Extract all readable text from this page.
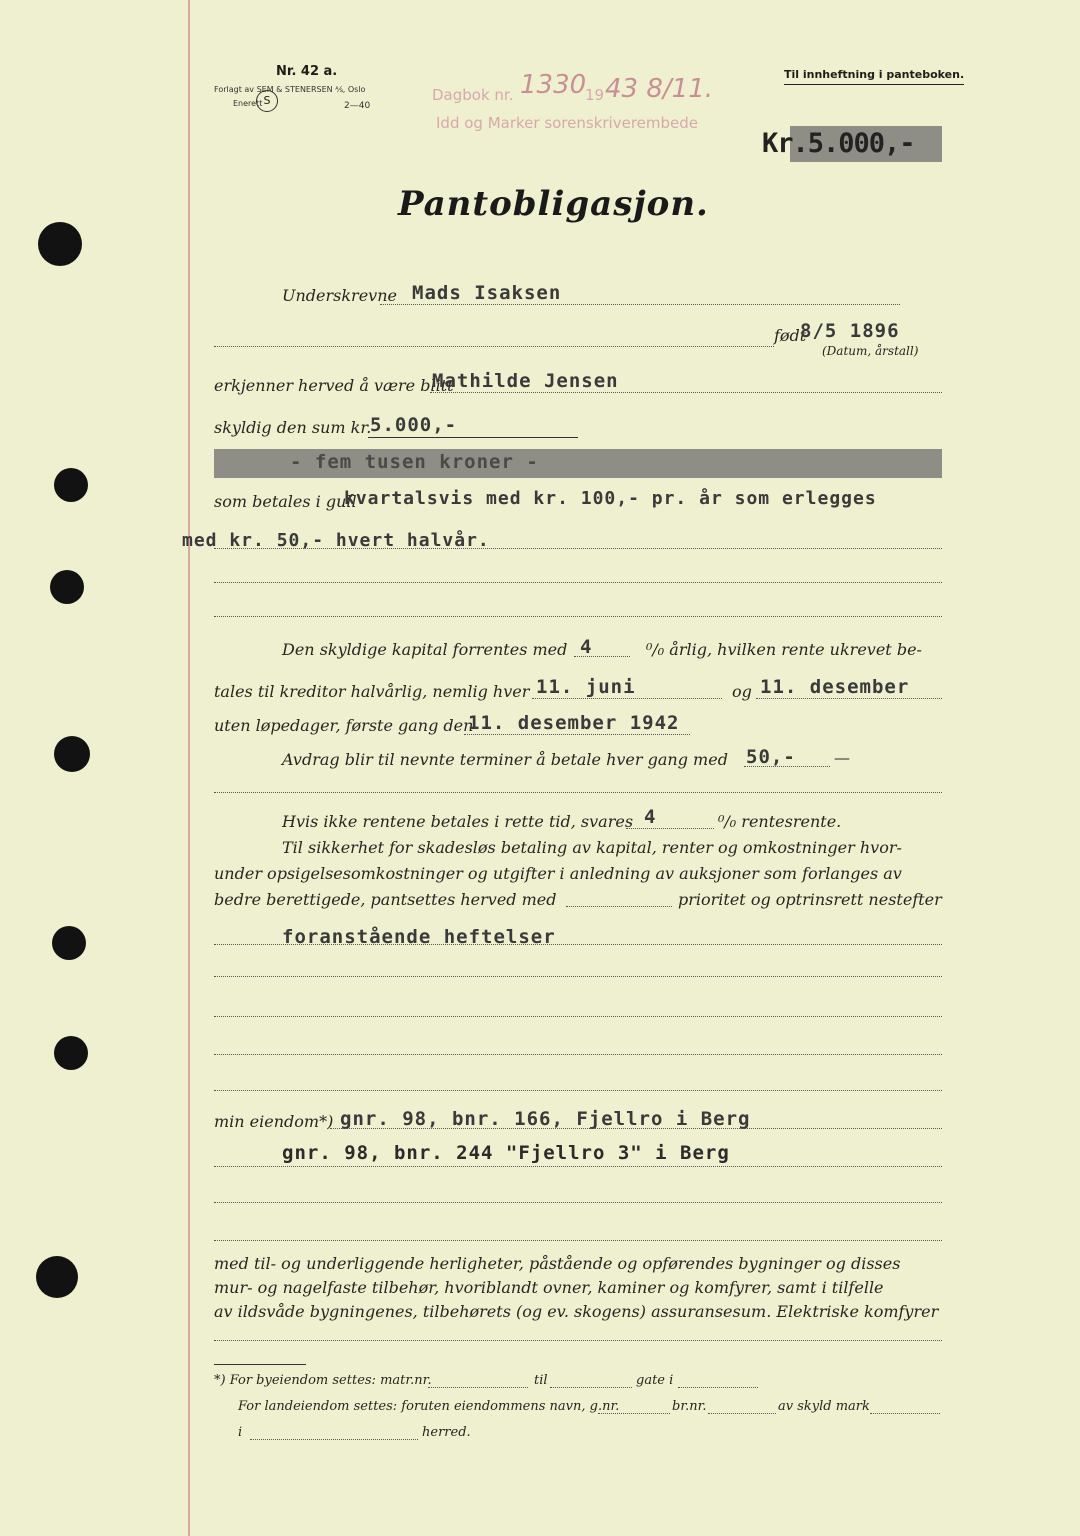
Nr. 42 a.
Forlagt av SEM & STENERSEN ⅍, Oslo
Enerett S	2—40
Dagbok nr. 1330
19 43 8/11.
Idd og Marker sorenskriverembede
Til innheftning i panteboken.
Kr.5.000,-
Pantobligasjon.
Underskrevne Mads Isaksen
født
8/5 1896
(Datum, årstall)
erkjenner herved å være blitt
Mathilde Jensen
skyldig den sum kr.
5.000,-
- fem tusen kroner -
som betales i gull
kvartalsvis med kr. 100,- pr. år som erlegges
med kr. 50,- hvert halvår.
Den skyldige kapital forrentes med 4	⁰/₀ årlig, hvilken rente ukrevet be-
tales til kreditor halvårlig, nemlig hver 11. juni	og 11. desember
uten løpedager, første gang den
11. desember 1942
Avdrag blir til nevnte terminer å betale hver gang med 50,- —
Hvis ikke rentene betales i rette tid, svares 4	⁰/₀ rentesrente.
Til sikkerhet for skadesløs betaling av kapital, renter og omkostninger hvor-
under opsigelsesomkostninger og utgifter i anledning av auksjoner som forlanges av
bedre berettigede, pantsettes herved med	prioritet og optrinsrett nestefter
foranstående heftelser
min eiendom*) gnr. 98, bnr. 166, Fjellro i Berg
gnr. 98, bnr. 244 "Fjellro 3" i Berg
med til- og underliggende herligheter, påstående og opførendes bygninger og disses
mur- og nagelfaste tilbehør, hvoriblandt ovner, kaminer og komfyrer, samt i tilfelle
av ildsvåde bygningenes, tilbehørets (og ev. skogens) assuransesum. Elektriske komfyrer
*) For byeiendom settes: matr.nr.	til	gate i
For landeiendom settes: foruten eiendommens navn, g.nr.	br.nr.	av skyld mark
i	herred.
